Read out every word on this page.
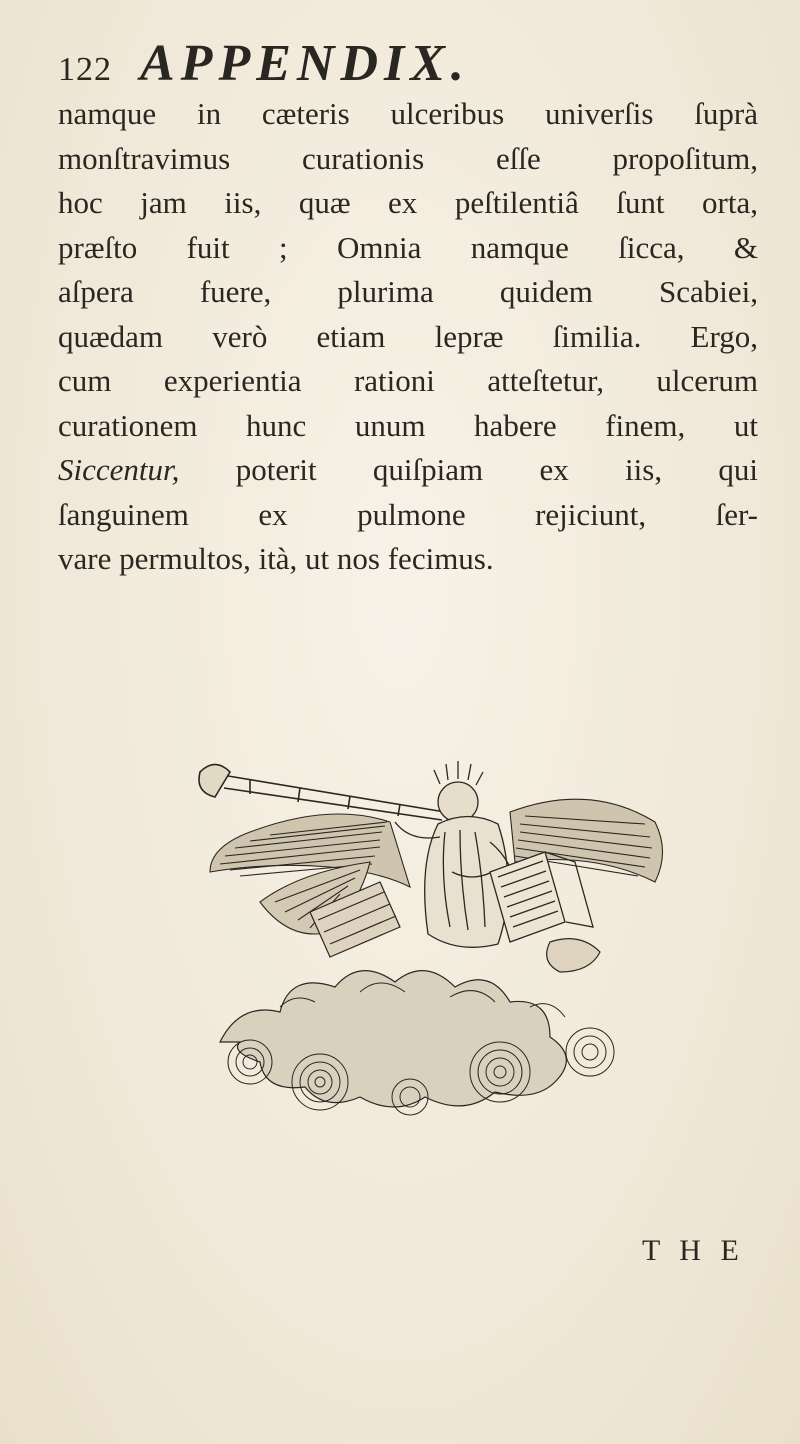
122 APPENDIX.
namque in cæteris ulceribus univerſis ſuprà
monſtravimus curationis eſſe propoſitum,
hoc jam iis, quæ ex peſtilentiâ ſunt orta,
præſto fuit ; Omnia namque ſicca, &
aſpera fuere, plurima quidem Scabiei,
quædam verò etiam lepræ ſimilia. Ergo,
cum experientia rationi atteſtetur, ulcerum
curationem hunc unum habere finem, ut
Siccentur, poterit quiſpiam ex iis, qui
ſanguinem ex pulmone rejiciunt, ſer-
vare permultos, ità, ut nos fecimus.
T H E
